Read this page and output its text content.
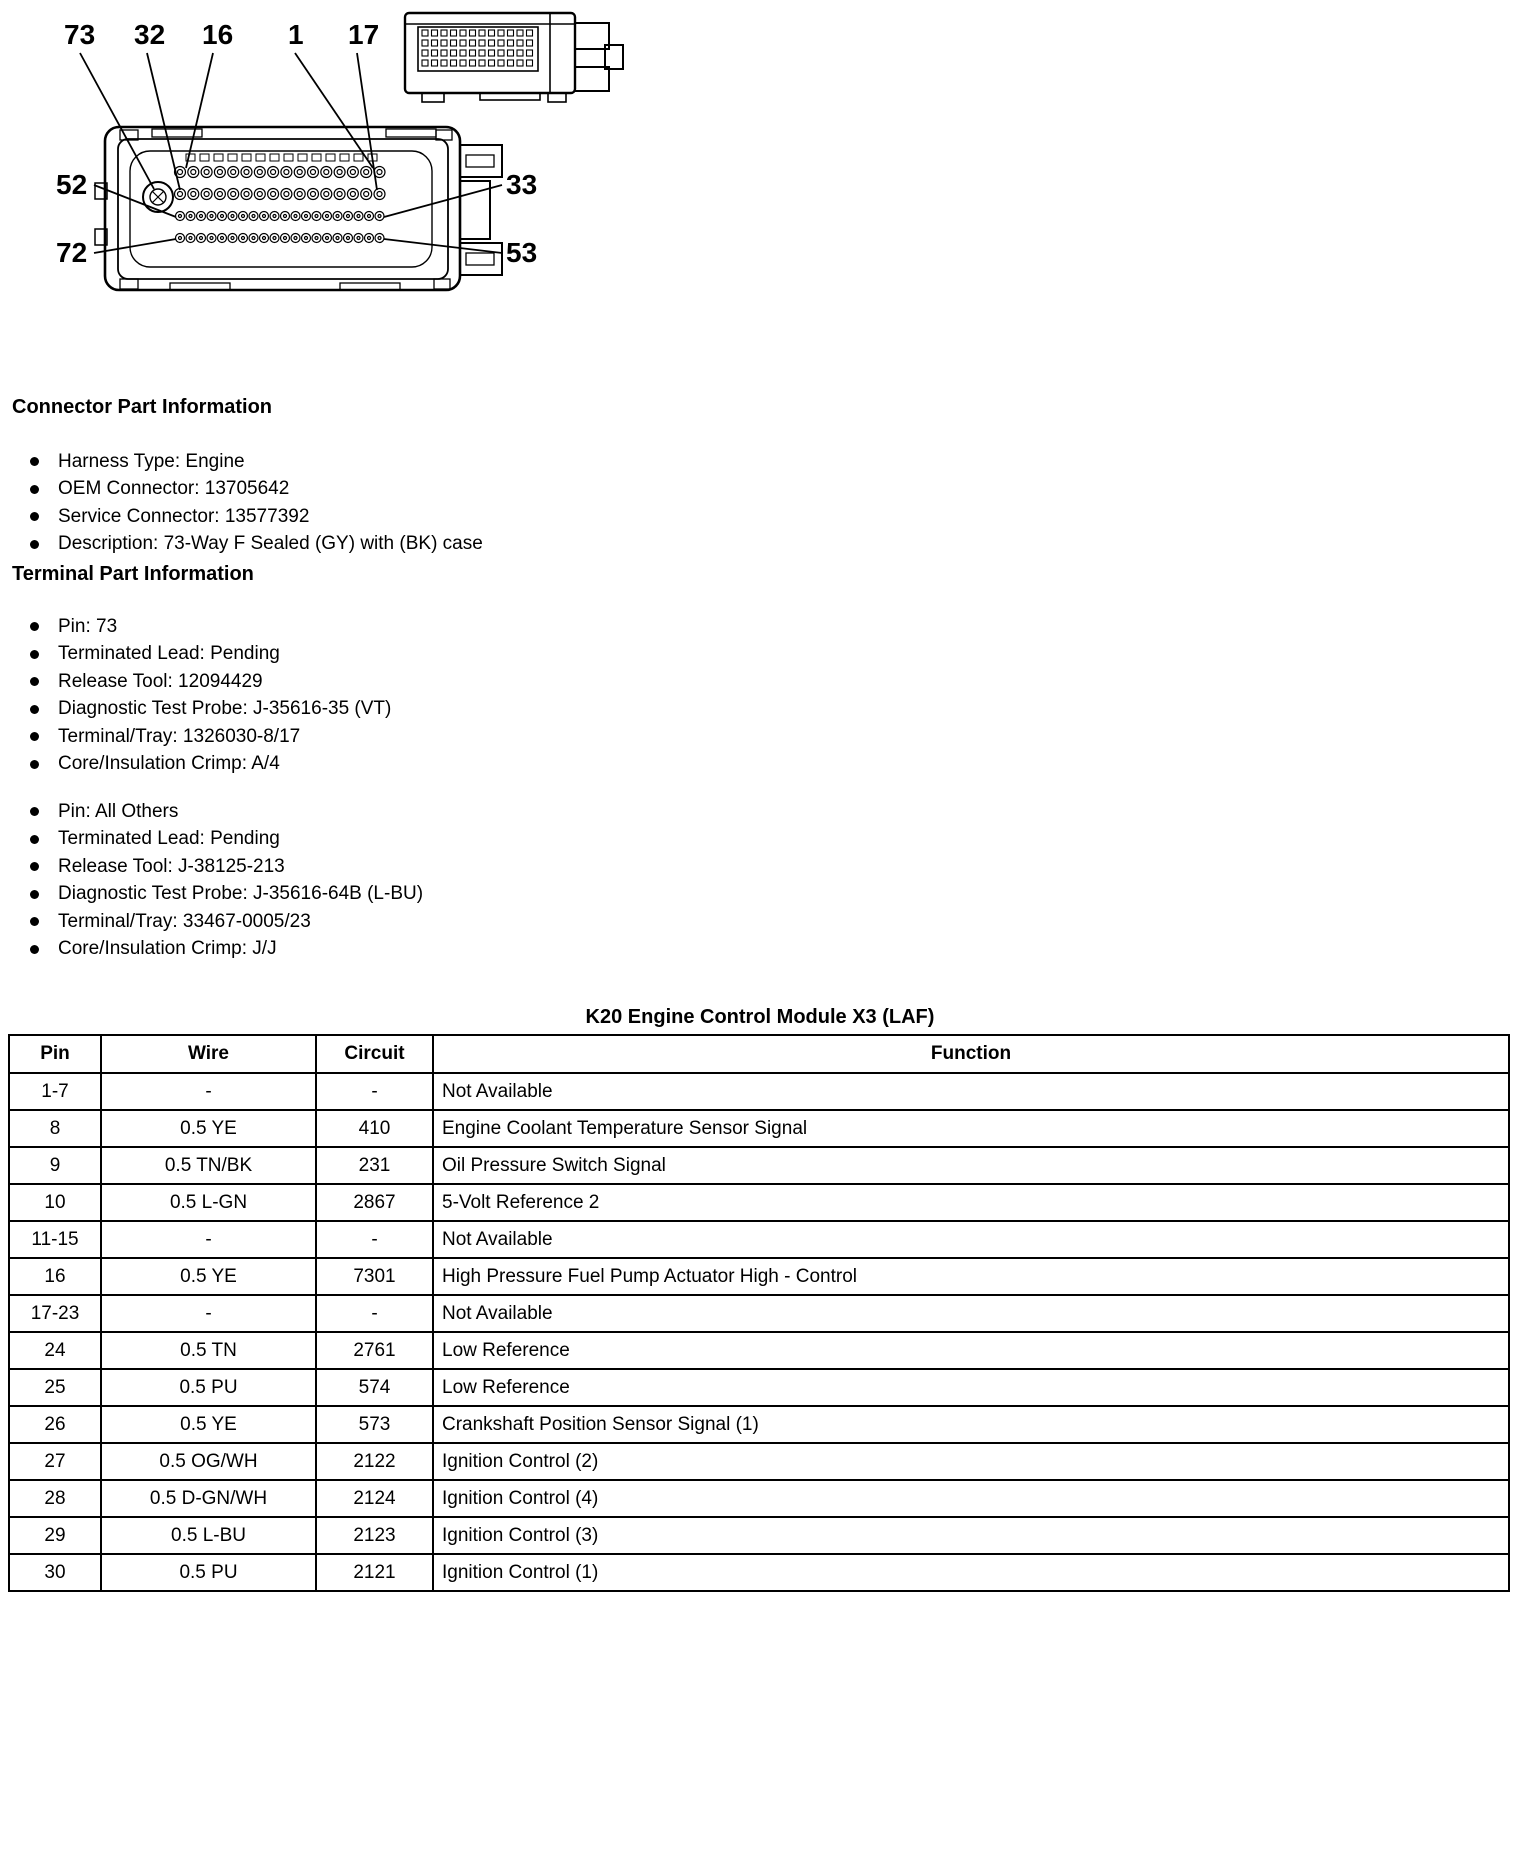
73 32 16 1 17
52
72
33
53
Connector Part Information
Harness Type: Engine
OEM Connector: 13705642
Service Connector: 13577392
Description: 73-Way F Sealed (GY) with (BK) case
Terminal Part Information
Pin: 73
Terminated Lead: Pending
Release Tool: 12094429
Diagnostic Test Probe: J-35616-35 (VT)
Terminal/Tray: 1326030-8/17
Core/Insulation Crimp: A/4
Pin: All Others
Terminated Lead: Pending
Release Tool: J-38125-213
Diagnostic Test Probe: J-35616-64B (L-BU)
Terminal/Tray: 33467-0005/23
Core/Insulation Crimp: J/J
K20 Engine Control Module X3 (LAF)
Pin	Wire	Circuit	Function
1-7	-	-	Not Available
8	0.5 YE	410	Engine Coolant Temperature Sensor Signal
9	0.5 TN/BK	231	Oil Pressure Switch Signal
10	0.5 L-GN	2867	5-Volt Reference 2
11-15	-	-	Not Available
16	0.5 YE	7301	High Pressure Fuel Pump Actuator High - Control
17-23	-	-	Not Available
24	0.5 TN	2761	Low Reference
25	0.5 PU	574	Low Reference
26	0.5 YE	573	Crankshaft Position Sensor Signal (1)
27	0.5 OG/WH	2122	Ignition Control (2)
28	0.5 D-GN/WH	2124	Ignition Control (4)
29	0.5 L-BU	2123	Ignition Control (3)
30	0.5 PU	2121	Ignition Control (1)
